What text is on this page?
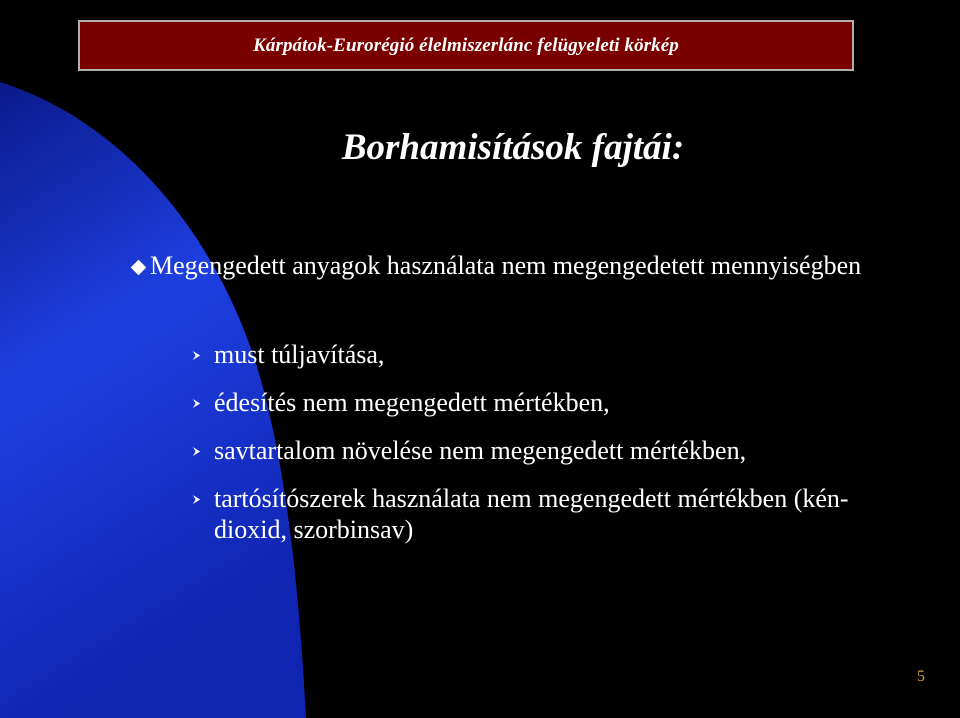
Kárpátok-Eurorégió élelmiszerlánc felügyeleti körkép
Borhamisítások fajtái:
Megengedett anyagok használata nem megengedetett mennyiségben
must túljavítása,
édesítés nem megengedett mértékben,
savtartalom növelése nem megengedett mértékben,
tartósítószerek használata nem megengedett mértékben (kén-dioxid, szorbinsav)
5
